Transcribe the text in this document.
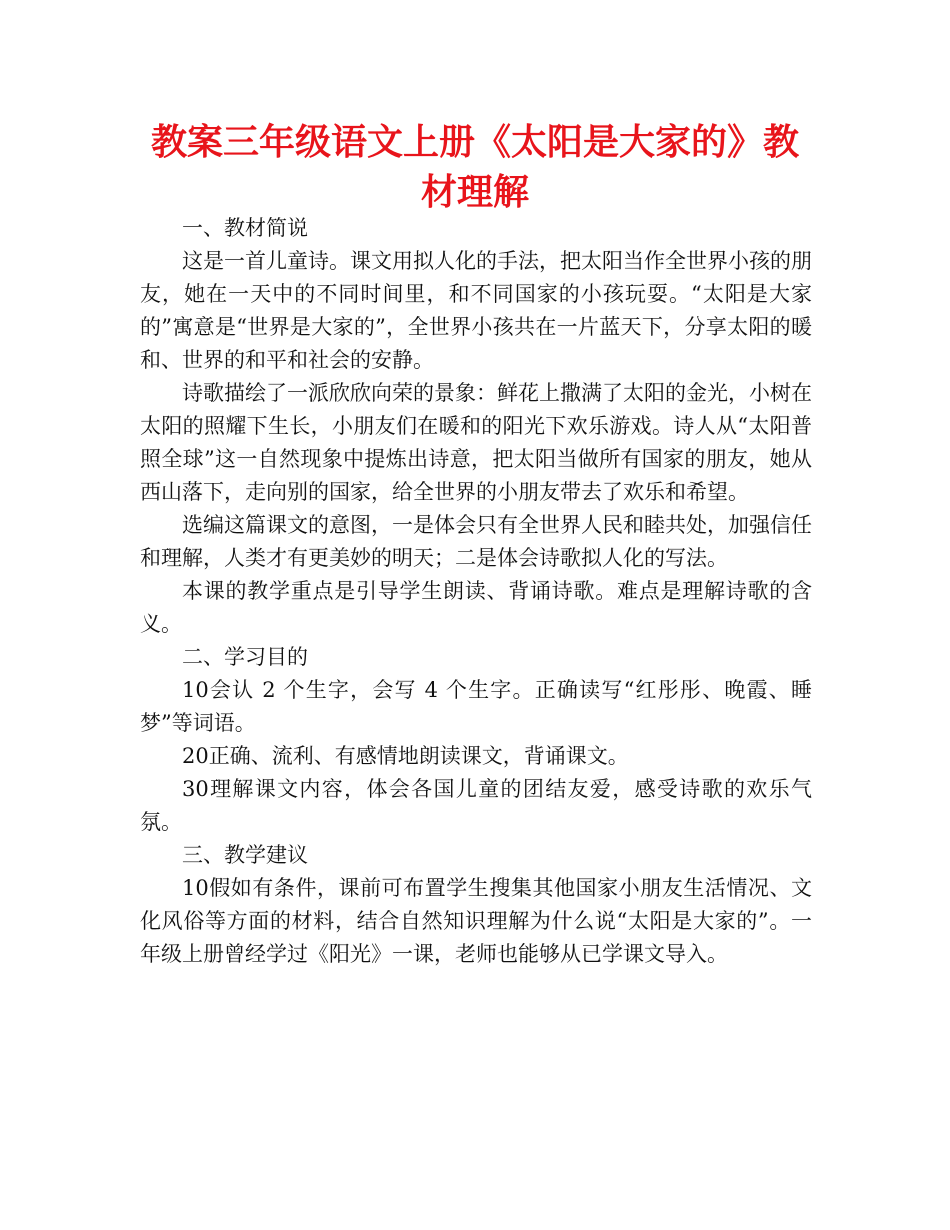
教案三年级语文上册《太阳是大家的》教材理解

一、教材简说

这是一首儿童诗。课文用拟人化的手法，把太阳当作全世界小孩的朋友，她在一天中的不同时间里，和不同国家的小孩玩耍。“太阳是大家的”寓意是“世界是大家的”，全世界小孩共在一片蓝天下，分享太阳的暖和、世界的和平和社会的安静。

诗歌描绘了一派欣欣向荣的景象：鲜花上撒满了太阳的金光，小树在太阳的照耀下生长，小朋友们在暖和的阳光下欢乐游戏。诗人从“太阳普照全球”这一自然现象中提炼出诗意，把太阳当做所有国家的朋友，她从西山落下，走向别的国家，给全世界的小朋友带去了欢乐和希望。

选编这篇课文的意图，一是体会只有全世界人民和睦共处，加强信任和理解，人类才有更美妙的明天；二是体会诗歌拟人化的写法。

本课的教学重点是引导学生朗读、背诵诗歌。难点是理解诗歌的含义。

二、学习目的

10会认 2 个生字，会写 4 个生字。正确读写“红彤彤、晚霞、睡梦”等词语。

20正确、流利、有感情地朗读课文，背诵课文。

30理解课文内容，体会各国儿童的团结友爱，感受诗歌的欢乐气氛。

三、教学建议

10假如有条件，课前可布置学生搜集其他国家小朋友生活情况、文化风俗等方面的材料，结合自然知识理解为什么说“太阳是大家的”。一年级上册曾经学过《阳光》一课，老师也能够从已学课文导入。
